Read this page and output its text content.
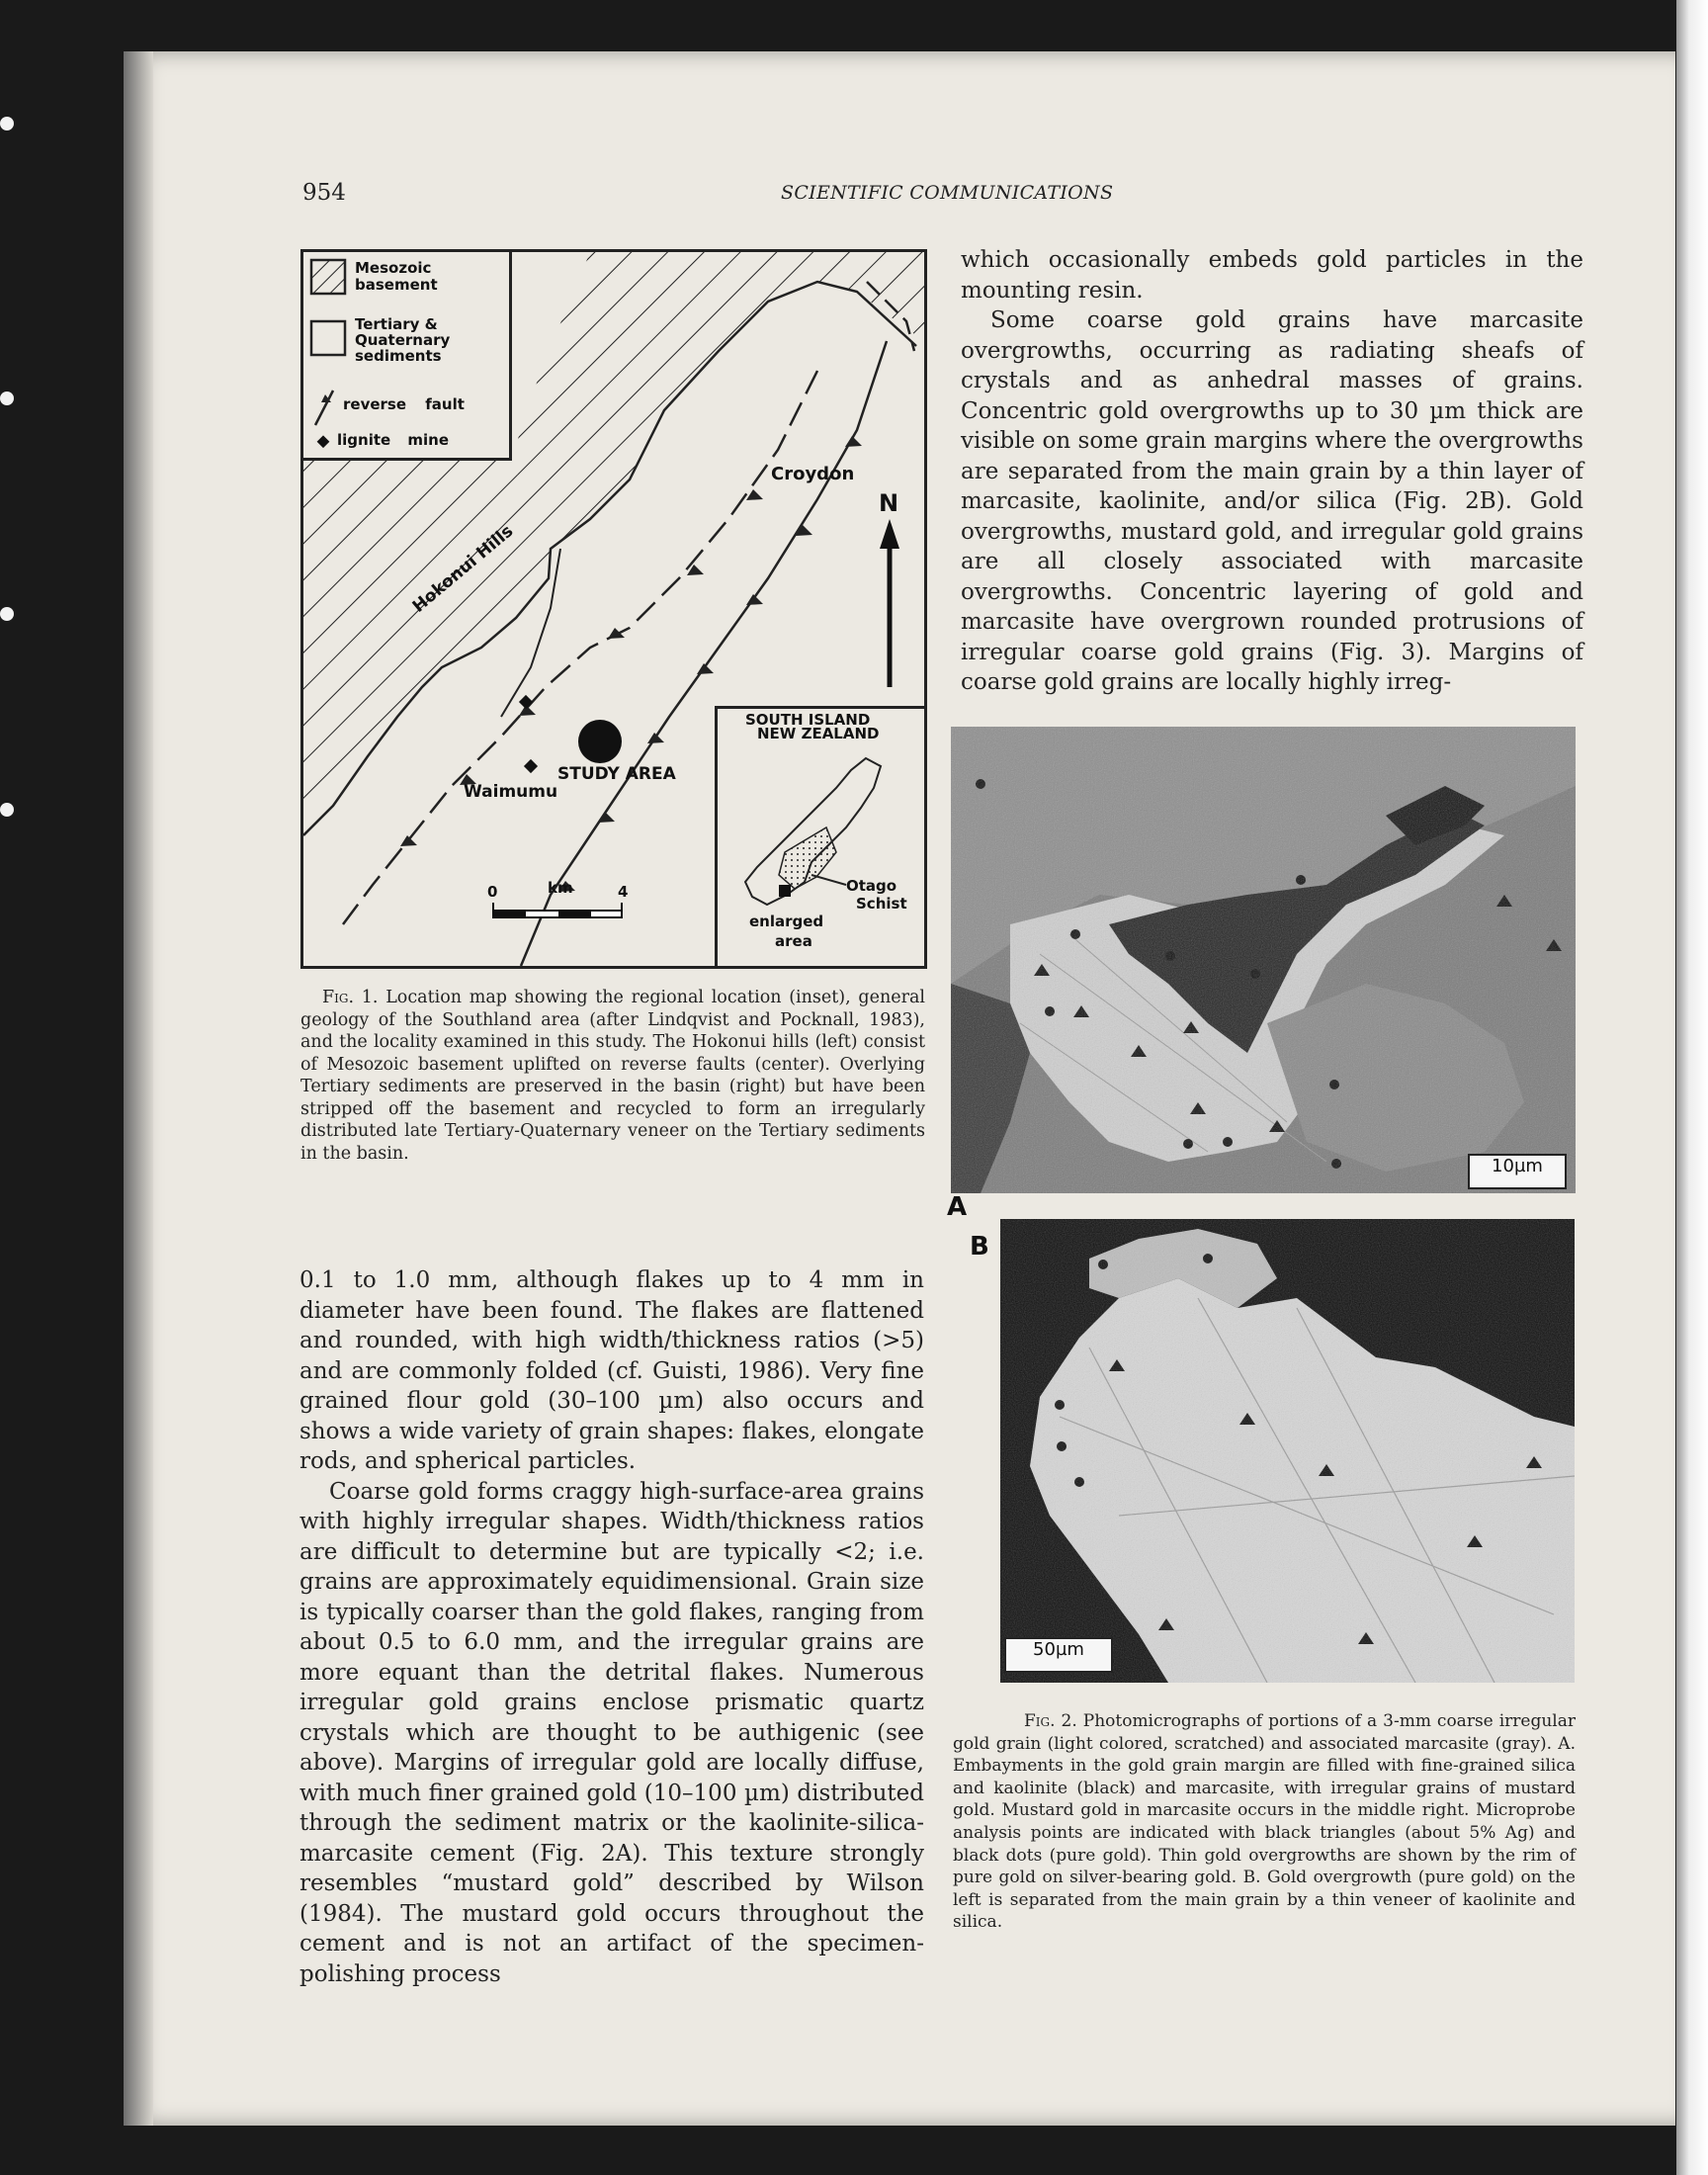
954	SCIENTIFIC COMMUNICATIONS
Mesozoic
basement
Tertiary &
Quaternary
sediments
reverse fault
lignite mine
Hokonui Hills
Croydon
N
STUDY AREA
Waimumu
0	km	4
SOUTH ISLAND
NEW ZEALAND
Otago
Schist
enlarged
area
Fig. 1. Location map showing the regional location (inset), general geology of the Southland area (after Lindqvist and Pocknall, 1983), and the locality examined in this study. The Hokonui hills (left) consist of Mesozoic basement uplifted on reverse faults (center). Overlying Tertiary sediments are preserved in the basin (right) but have been stripped off the basement and recycled to form an irregularly distributed late Tertiary-Quaternary veneer on the Tertiary sediments in the basin.

which occasionally embeds gold particles in the mounting resin.

Some coarse gold grains have marcasite overgrowths, occurring as radiating sheafs of crystals and as anhedral masses of grains. Concentric gold overgrowths up to 30 µm thick are visible on some grain margins where the overgrowths are separated from the main grain by a thin layer of marcasite, kaolinite, and/or silica (Fig. 2B). Gold overgrowths, mustard gold, and irregular gold grains are all closely associated with marcasite overgrowths. Concentric layering of gold and marcasite have overgrown rounded protrusions of irregular coarse gold grains (Fig. 3). Margins of coarse gold grains are locally highly irreg-

10µm
A
B
50µm
Fig. 2. Photomicrographs of portions of a 3-mm coarse irregular gold grain (light colored, scratched) and associated marcasite (gray). A. Embayments in the gold grain margin are filled with fine-grained silica and kaolinite (black) and marcasite, with irregular grains of mustard gold. Mustard gold in marcasite occurs in the middle right. Microprobe analysis points are indicated with black triangles (about 5% Ag) and black dots (pure gold). Thin gold overgrowths are shown by the rim of pure gold on silver-bearing gold. B. Gold overgrowth (pure gold) on the left is separated from the main grain by a thin veneer of kaolinite and silica.

0.1 to 1.0 mm, although flakes up to 4 mm in diameter have been found. The flakes are flattened and rounded, with high width/thickness ratios (>5) and are commonly folded (cf. Guisti, 1986). Very fine grained flour gold (30–100 µm) also occurs and shows a wide variety of grain shapes: flakes, elongate rods, and spherical particles.

Coarse gold forms craggy high-surface-area grains with highly irregular shapes. Width/thickness ratios are difficult to determine but are typically <2; i.e. grains are approximately equidimensional. Grain size is typically coarser than the gold flakes, ranging from about 0.5 to 6.0 mm, and the irregular grains are more equant than the detrital flakes. Numerous irregular gold grains enclose prismatic quartz crystals which are thought to be authigenic (see above). Margins of irregular gold are locally diffuse, with much finer grained gold (10–100 µm) distributed through the sediment matrix or the kaolinite-silica-marcasite cement (Fig. 2A). This texture strongly resembles “mustard gold” described by Wilson (1984). The mustard gold occurs throughout the cement and is not an artifact of the specimen-polishing process
